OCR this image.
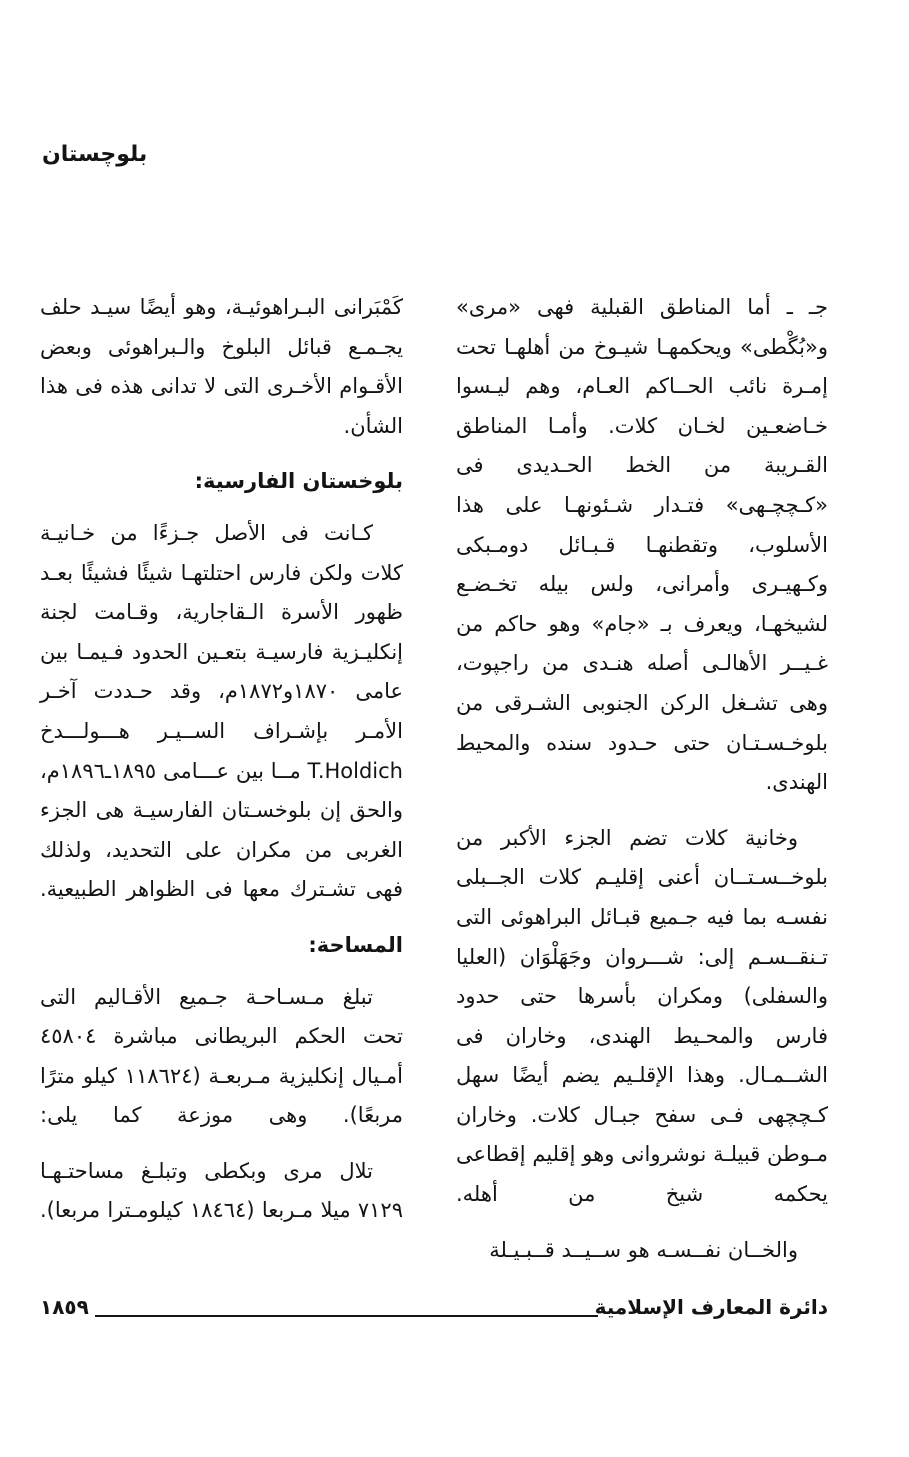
بلوچستان

جـ ـ أما المناطق القبلية فهى «مرى» و«بُگْطى» ويحكمهـا شيـوخ من أهلهـا تحت إمـرة نائب الحــاكم العـام، وهم ليـسوا خـاضعـين لخـان كلات. وأمـا المناطق القـريبة من الخط الحـديدى فى «كـچچـهى» فتـدار شـئونهـا على هذا الأسلوب، وتقطنهـا قـبـائل دومـبكى وكـهيـرى وأمرانى، ولس بيله تخـضـع لشيخهـا، ويعرف بـ «جام» وهو حاكم من غـيــر الأهالـى أصله هنـدى من راجپوت، وهى تشـغل الركن الجنوبى الشـرقى من بلوخـسـتـان حتى حـدود سنده والمحيط الهندى.

وخانية كلات تضم الجزء الأكبر من بلوخــسـتــان أعنى إقليـم كلات الجــبلى نفسـه بما فيه جـميع قبـائل البراهوئى التى تـنقــسـم إلى: شـــروان وجَهَلْوَان (العليا والسفلى) ومكران بأسرها حتى حدود فارس والمحـيط الهندى، وخاران فى الشــمـال. وهذا الإقلـيم يضم أيضًا سهل كـچچهى فـى سفح جبـال كلات. وخاران مـوطن قبيلـة نوشروانى وهو إقليم إقطاعى يحكمه شيخ من أهله.

والخــان نفــسـه هو ســيــد قــبـيـلة

كَمْبَرانى البـراهوئيـة، وهو أيضًا سيـد حلف يجـمـع قبائل البلوخ والـبراهوئى وبعض الأقـوام الأخـرى التى لا تدانى هذه فى هذا الشأن.

بلوخستان الفارسية:

كـانت فى الأصل جـزءًا من خـانيـة كلات ولكن فارس احتلتهـا شيئًا فشيئًا بعـد ظهور الأسرة الـقاجارية، وقـامت لجنة إنكليـزية فارسيـة بتعـين الحدود فـيمـا بين عامى ١٨٧٠و١٨٧٢م، وقد حـددت آخـر الأمـر بإشـراف الســيـر هـــولـــدخ T.Holdich مــا بين عـــامى ١٨٩٥ـ١٨٩٦م، والحق إن بلوخسـتان الفارسيـة هى الجزء الغربى من مكران على التحديد، ولذلك فهى تشـترك معها فى الظواهر الطبيعية.

المساحة:

تبلغ مـسـاحـة جـميع الأقـاليم التى تحت الحكم البريطانى مباشرة ٤٥٨٠٤ أمـيال إنكليزية مـربعـة (١١٨٦٢٤ كيلو مترًا مربعًا). وهى موزعة كما يلى:

تلال مرى وبكطى وتبلـغ مساحتـهـا ٧١٢٩ ميلا مـربعا (١٨٤٦٤ كيلومـترا مربعا).

دائرة المعارف الإسلامية
١٨٥٩
